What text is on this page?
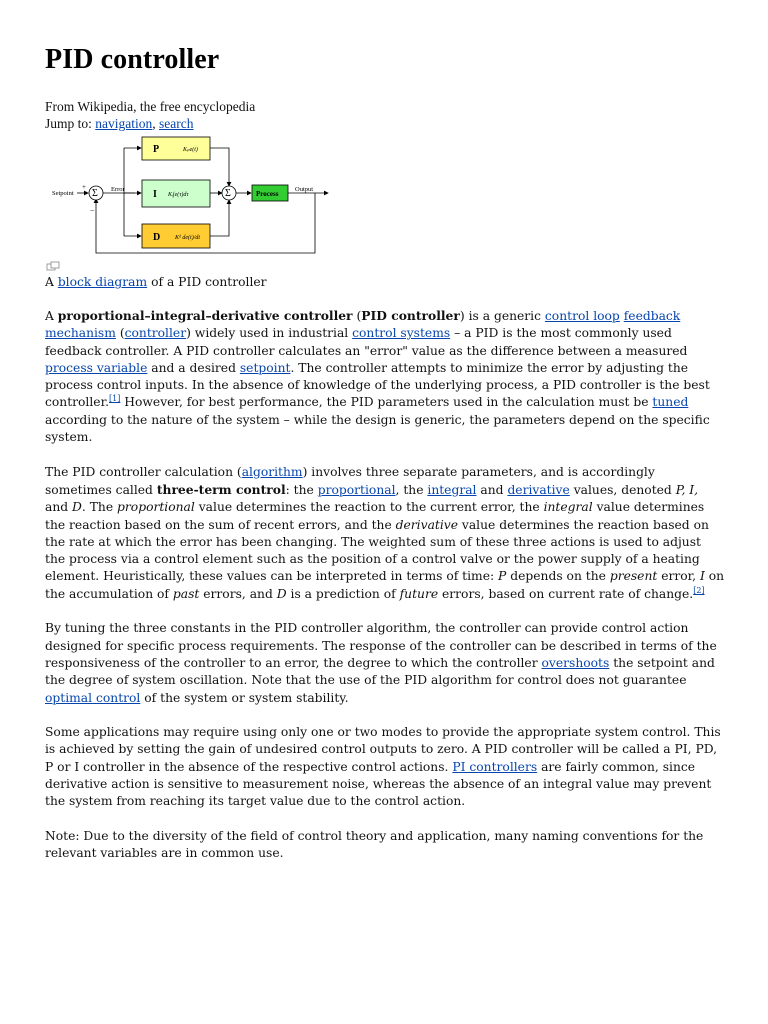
PID controller
From Wikipedia, the free encyclopedia
Jump to: navigation, search
Setpoint
+
−
Σ Error
P	Kₚe(t)
I Kᵢ∫e(τ)dτ
D Kᵈ de(t)/dt
Σ	Process
Output
A block diagram of a PID controller

A proportional–integral–derivative controller (PID controller) is a generic control loop feedback mechanism (controller) widely used in industrial control systems – a PID is the most commonly used feedback controller. A PID controller calculates an "error" value as the difference between a measured process variable and a desired setpoint. The controller attempts to minimize the error by adjusting the process control inputs. In the absence of knowledge of the underlying process, a PID controller is the best controller.[1] However, for best performance, the PID parameters used in the calculation must be tuned according to the nature of the system – while the design is generic, the parameters depend on the specific system.

The PID controller calculation (algorithm) involves three separate parameters, and is accordingly sometimes called three-term control: the proportional, the integral and derivative values, denoted P, I, and D. The proportional value determines the reaction to the current error, the integral value determines the reaction based on the sum of recent errors, and the derivative value determines the reaction based on the rate at which the error has been changing. The weighted sum of these three actions is used to adjust the process via a control element such as the position of a control valve or the power supply of a heating element. Heuristically, these values can be interpreted in terms of time: P depends on the present error, I on the accumulation of past errors, and D is a prediction of future errors, based on current rate of change.[2]

By tuning the three constants in the PID controller algorithm, the controller can provide control action designed for specific process requirements. The response of the controller can be described in terms of the responsiveness of the controller to an error, the degree to which the controller overshoots the setpoint and the degree of system oscillation. Note that the use of the PID algorithm for control does not guarantee optimal control of the system or system stability.

Some applications may require using only one or two modes to provide the appropriate system control. This is achieved by setting the gain of undesired control outputs to zero. A PID controller will be called a PI, PD, P or I controller in the absence of the respective control actions. PI controllers are fairly common, since derivative action is sensitive to measurement noise, whereas the absence of an integral value may prevent the system from reaching its target value due to the control action.

Note: Due to the diversity of the field of control theory and application, many naming conventions for the relevant variables are in common use.
